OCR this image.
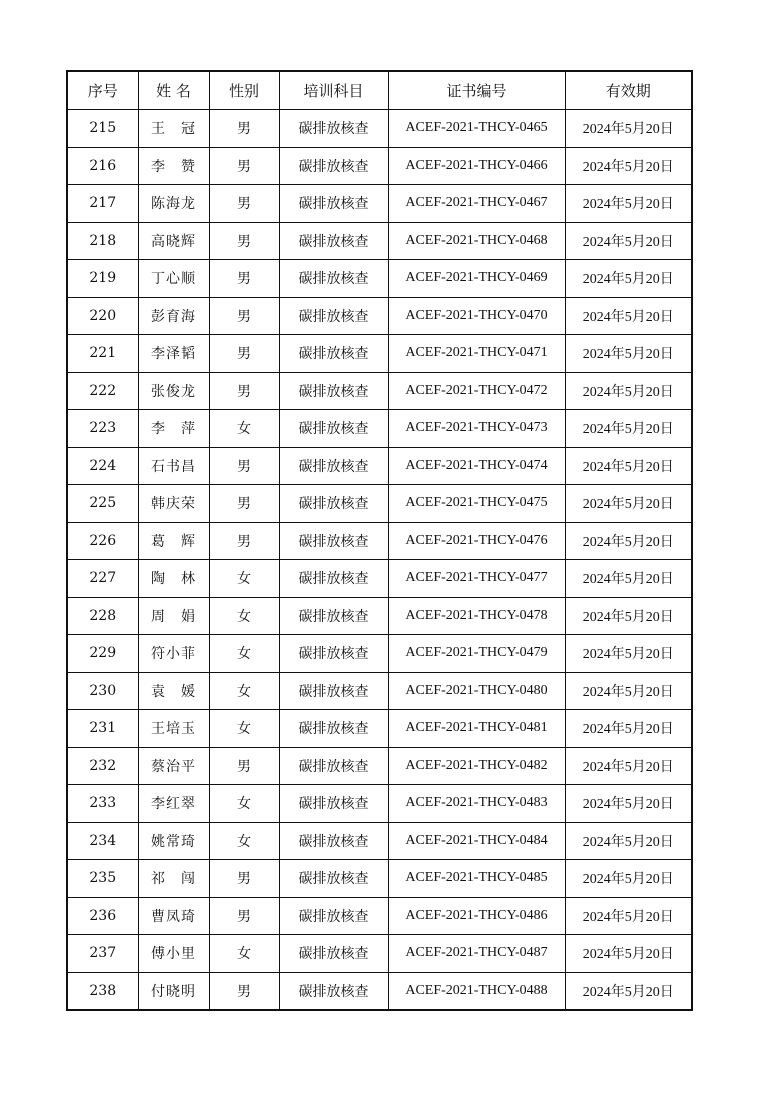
序号	姓 名	性别	培训科目	证书编号	有效期
215	王　冠	男	碳排放核查	ACEF-2021-THCY-0465	2024年5月20日
216	李　赞	男	碳排放核查	ACEF-2021-THCY-0466	2024年5月20日
217	陈海龙	男	碳排放核查	ACEF-2021-THCY-0467	2024年5月20日
218	高晓辉	男	碳排放核查	ACEF-2021-THCY-0468	2024年5月20日
219	丁心顺	男	碳排放核查	ACEF-2021-THCY-0469	2024年5月20日
220	彭育海	男	碳排放核查	ACEF-2021-THCY-0470	2024年5月20日
221	李泽韬	男	碳排放核查	ACEF-2021-THCY-0471	2024年5月20日
222	张俊龙	男	碳排放核查	ACEF-2021-THCY-0472	2024年5月20日
223	李　萍	女	碳排放核查	ACEF-2021-THCY-0473	2024年5月20日
224	石书昌	男	碳排放核查	ACEF-2021-THCY-0474	2024年5月20日
225	韩庆荣	男	碳排放核查	ACEF-2021-THCY-0475	2024年5月20日
226	葛　辉	男	碳排放核查	ACEF-2021-THCY-0476	2024年5月20日
227	陶　林	女	碳排放核查	ACEF-2021-THCY-0477	2024年5月20日
228	周　娟	女	碳排放核查	ACEF-2021-THCY-0478	2024年5月20日
229	符小菲	女	碳排放核查	ACEF-2021-THCY-0479	2024年5月20日
230	袁　媛	女	碳排放核查	ACEF-2021-THCY-0480	2024年5月20日
231	王培玉	女	碳排放核查	ACEF-2021-THCY-0481	2024年5月20日
232	蔡治平	男	碳排放核查	ACEF-2021-THCY-0482	2024年5月20日
233	李红翠	女	碳排放核查	ACEF-2021-THCY-0483	2024年5月20日
234	姚常琦	女	碳排放核查	ACEF-2021-THCY-0484	2024年5月20日
235	祁　闯	男	碳排放核查	ACEF-2021-THCY-0485	2024年5月20日
236	曹凤琦	男	碳排放核查	ACEF-2021-THCY-0486	2024年5月20日
237	傅小里	女	碳排放核查	ACEF-2021-THCY-0487	2024年5月20日
238	付晓明	男	碳排放核查	ACEF-2021-THCY-0488	2024年5月20日
